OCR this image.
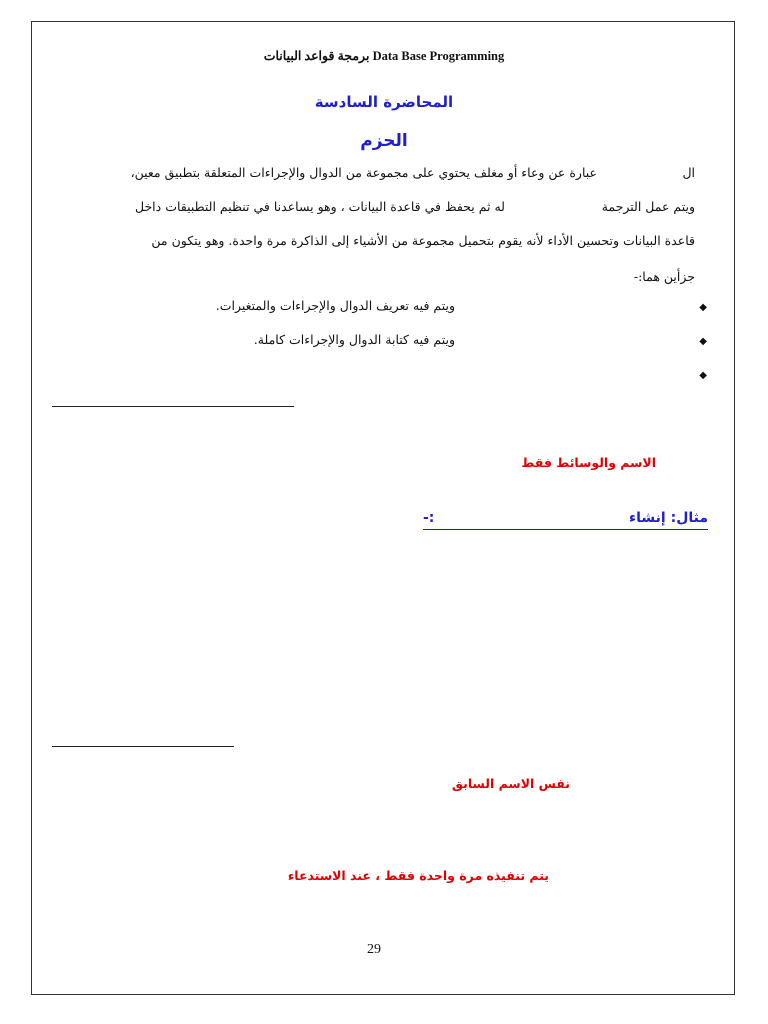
برمجة قواعد البيانات Data Base Programming
المحاضرة السادسة
الحزم
ال
عبارة عن وعاء أو مغلف يحتوي على مجموعة من الدوال والإجراءات المتعلقة بتطبيق معين،
ويتم عمل الترجمة
له ثم يحفظ في قاعدة البيانات ، وهو يساعدنا في تنظيم التطبيقات داخل
قاعدة البيانات وتحسين الأداء لأنه يقوم بتحميل مجموعة من الأشياء إلى الذاكرة مرة واحدة. وهو يتكون من
جزأين هما:-
◆
ويتم فيه تعريف الدوال والإجراءات والمتغيرات.
◆
ويتم فيه كتابة الدوال والإجراءات كاملة.
◆
الاسم والوسائط فقط
مثال: إنشاء
-:
نفس الاسم السابق
يتم تنفيذه مرة واحدة فقط ، عند الاستدعاء
29
